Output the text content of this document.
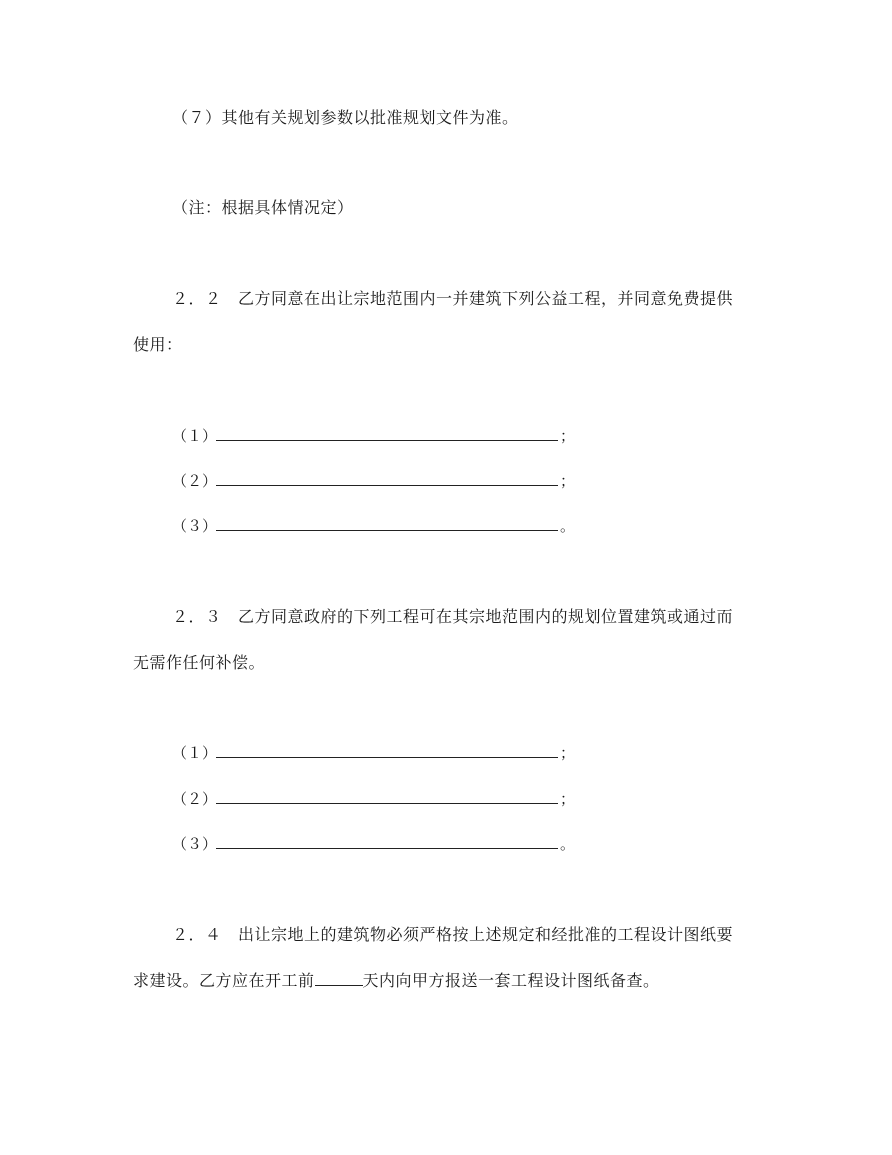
（７）其他有关规划参数以批准规划文件为准。
（注：根据具体情况定）
２．２ 乙方同意在出让宗地范围内一并建筑下列公益工程，并同意免费提供
使用：
（１）	；
（２）	；
（３）	。
２．３ 乙方同意政府的下列工程可在其宗地范围内的规划位置建筑或通过而
无需作任何补偿。
（１）	；
（２）	；
（３）	。
２．４ 出让宗地上的建筑物必须严格按上述规定和经批准的工程设计图纸要
求建设。乙方应在开工前	天内向甲方报送一套工程设计图纸备查。
